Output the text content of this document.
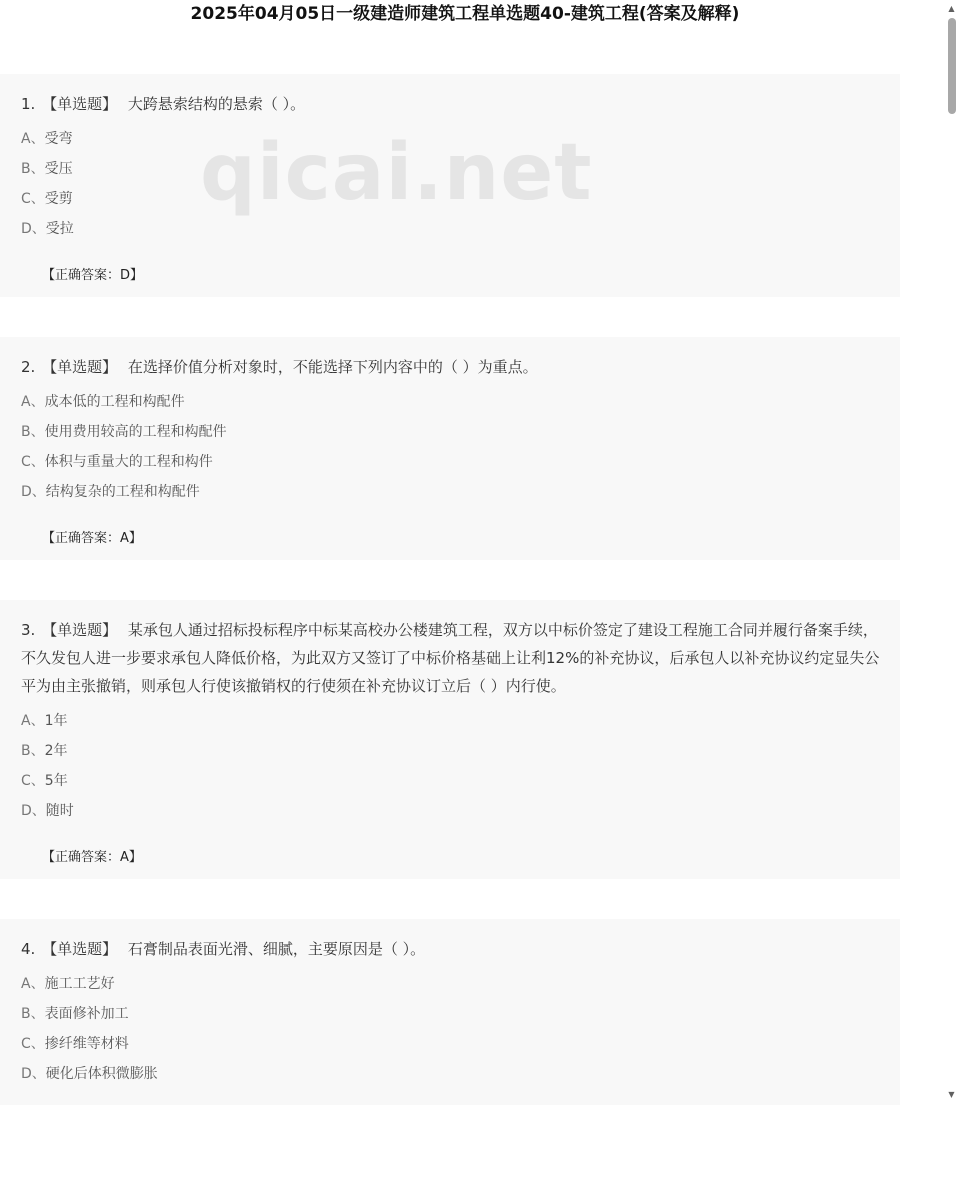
2025年04月05日一级建造师建筑工程单选题40-建筑工程(答案及解释)
1. 【单选题】 大跨悬索结构的悬索（ ）。
A、受弯
B、受压
C、受剪
D、受拉
【正确答案：D】
2. 【单选题】 在选择价值分析对象时，不能选择下列内容中的（ ）为重点。
A、成本低的工程和构配件
B、使用费用较高的工程和构配件
C、体积与重量大的工程和构件
D、结构复杂的工程和构配件
【正确答案：A】
3. 【单选题】 某承包人通过招标投标程序中标某高校办公楼建筑工程，双方以中标价签定了建设工程施工合同并履行备案手续，不久发包人进一步要求承包人降低价格，为此双方又签订了中标价格基础上让利12%的补充协议，后承包人以补充协议约定显失公平为由主张撤销，则承包人行使该撤销权的行使须在补充协议订立后（ ）内行使。
A、1年
B、2年
C、5年
D、随时
【正确答案：A】
4. 【单选题】 石膏制品表面光滑、细腻，主要原因是（ ）。
A、施工工艺好
B、表面修补加工
C、掺纤维等材料
D、硬化后体积微膨胀
qicai.net
▲
▼
